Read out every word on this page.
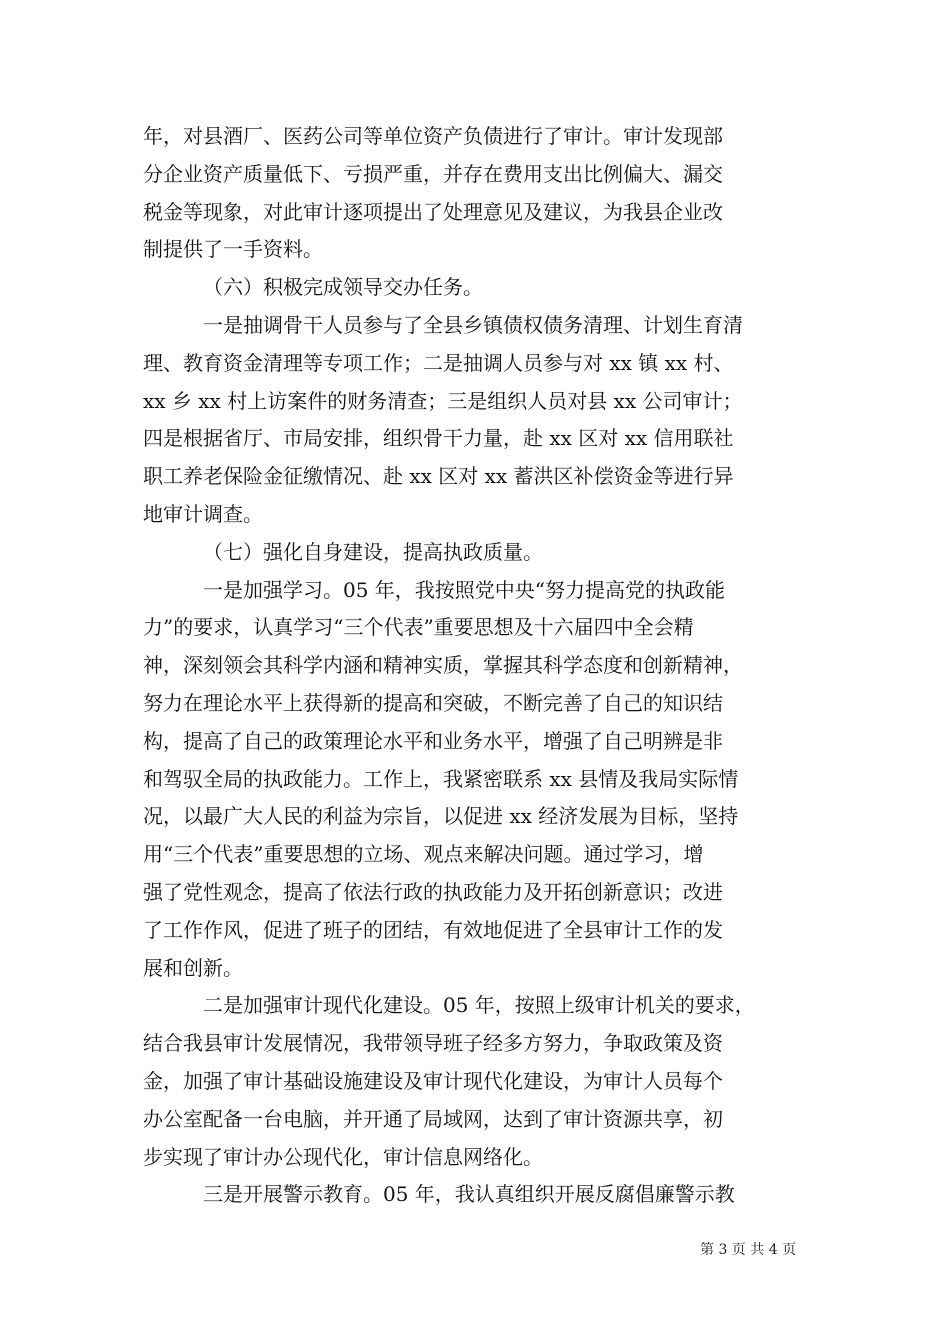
年，对县酒厂、医药公司等单位资产负债进行了审计。审计发现部
分企业资产质量低下、亏损严重，并存在费用支出比例偏大、漏交
税金等现象，对此审计逐项提出了处理意见及建议，为我县企业改
制提供了一手资料。
（六）积极完成领导交办任务。
一是抽调骨干人员参与了全县乡镇债权债务清理、计划生育清
理、教育资金清理等专项工作；二是抽调人员参与对 xx 镇 xx 村、
xx 乡 xx 村上访案件的财务清查；三是组织人员对县 xx 公司审计；
四是根据省厅、市局安排，组织骨干力量，赴 xx 区对 xx 信用联社
职工养老保险金征缴情况、赴 xx 区对 xx 蓄洪区补偿资金等进行异
地审计调查。
（七）强化自身建设，提高执政质量。
一是加强学习。05 年，我按照党中央“努力提高党的执政能
力”的要求，认真学习“三个代表”重要思想及十六届四中全会精
神，深刻领会其科学内涵和精神实质，掌握其科学态度和创新精神，
努力在理论水平上获得新的提高和突破，不断完善了自己的知识结
构，提高了自己的政策理论水平和业务水平，增强了自己明辨是非
和驾驭全局的执政能力。工作上，我紧密联系 xx 县情及我局实际情
况，以最广大人民的利益为宗旨，以促进 xx 经济发展为目标，坚持
用“三个代表”重要思想的立场、观点来解决问题。通过学习，增
强了党性观念，提高了依法行政的执政能力及开拓创新意识；改进
了工作作风，促进了班子的团结，有效地促进了全县审计工作的发
展和创新。
二是加强审计现代化建设。05 年，按照上级审计机关的要求，
结合我县审计发展情况，我带领导班子经多方努力，争取政策及资
金，加强了审计基础设施建设及审计现代化建设，为审计人员每个
办公室配备一台电脑，并开通了局域网，达到了审计资源共享，初
步实现了审计办公现代化，审计信息网络化。
三是开展警示教育。05 年，我认真组织开展反腐倡廉警示教
第 3 页 共 4 页
